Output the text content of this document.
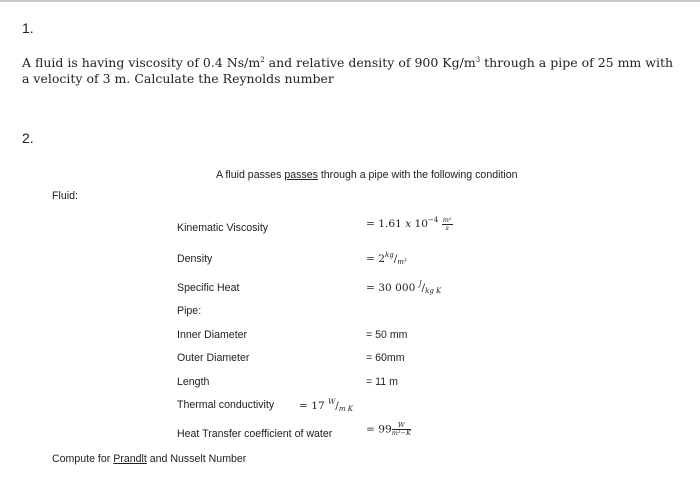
1.
A fluid is having viscosity of 0.4 $Ns/m^2$ and relative density of 900 $Kg/m^3$ through a pipe of 25 mm with
a velocity of 3 m. Calculate the Reynolds number
2.
A fluid passes passes through a pipe with the following condition
Fluid:
Kinematic Viscosity	= 1.61 x $10^{-4} \frac{\text{m²}}{s}$
Density	= $2^{kg}/_{m^3}$
Specific Heat	= 30 000 $^J/_{kg K}$
Pipe:
Inner Diameter	= 50 mm
Outer Diameter	= 60mm
Length	= 11 m
Thermal conductivity = 17 $^W/_{m K}$
Heat Transfer coefficient of water	= $99 \frac{W}{\text{m²−K}}$
Compute for Prandlt and Nusselt Number
